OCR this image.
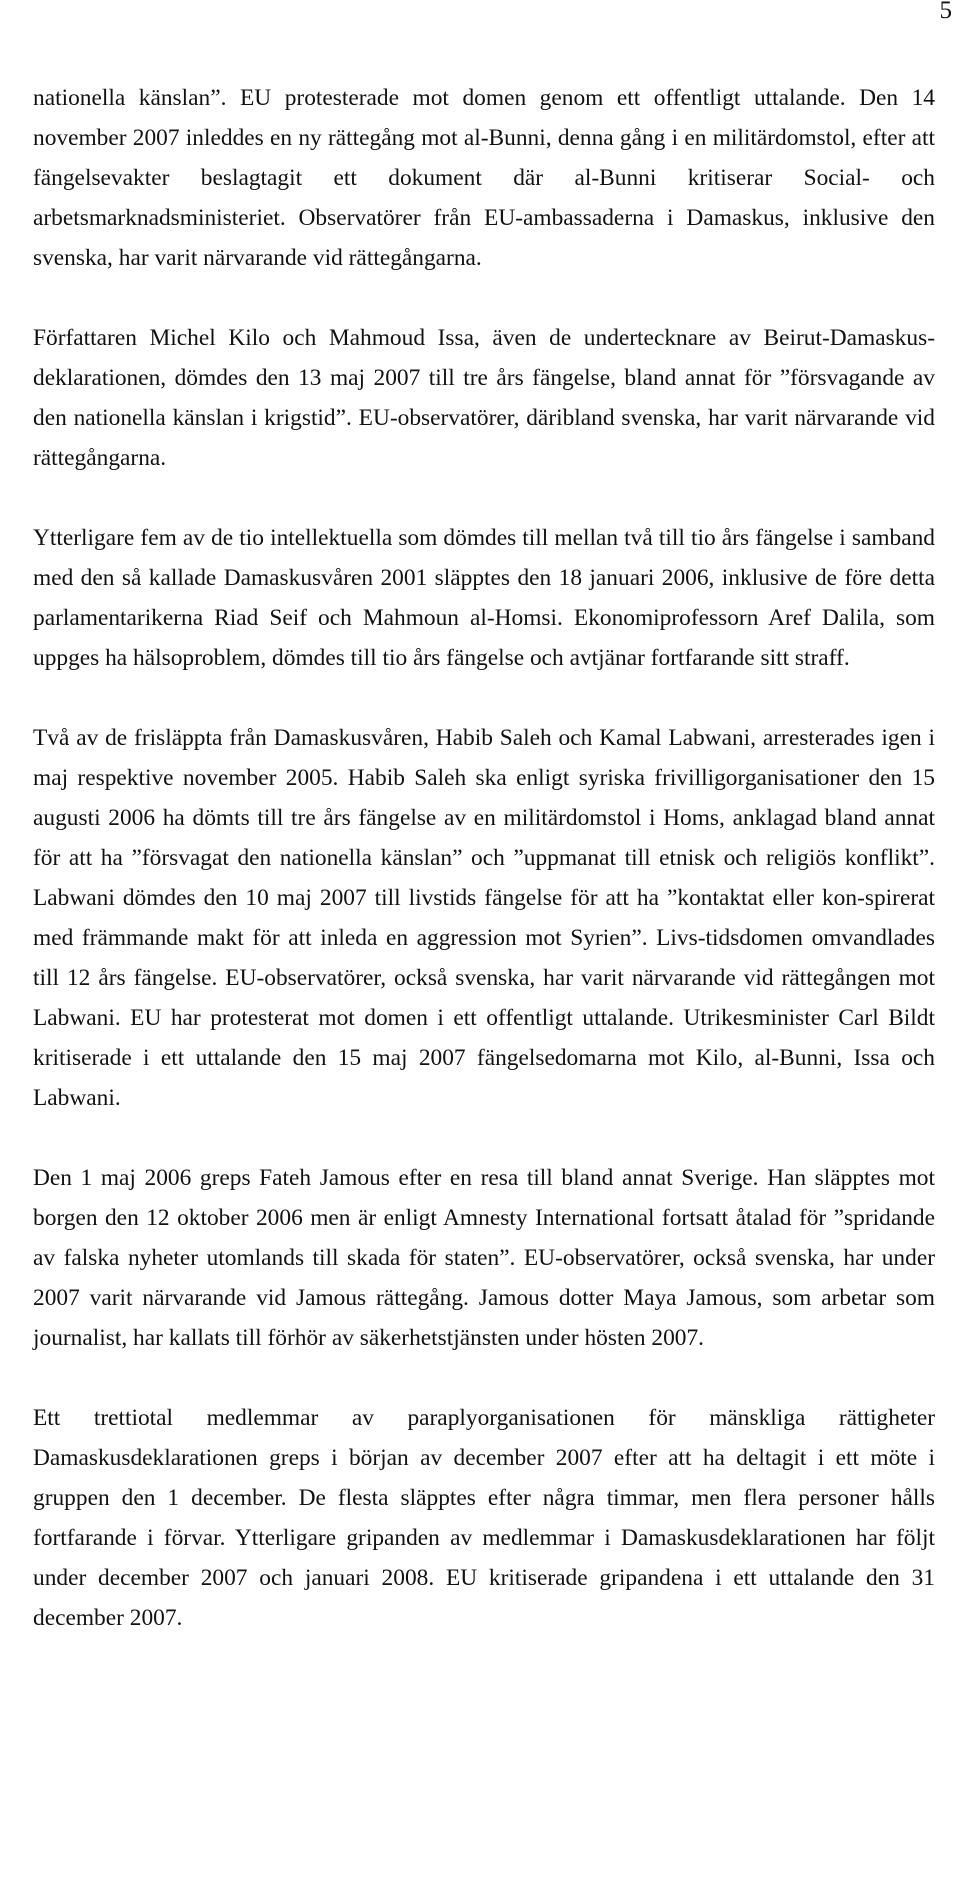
5

nationella känslan”. EU protesterade mot domen genom ett offentligt uttalande. Den 14 november 2007 inleddes en ny rättegång mot al-Bunni, denna gång i en militärdomstol, efter att fängelsevakter beslagtagit ett dokument där al-Bunni kritiserar Social- och arbetsmarknadsministeriet. Observatörer från EU-ambassaderna i Damaskus, inklusive den svenska, har varit närvarande vid rättegångarna.

Författaren Michel Kilo och Mahmoud Issa, även de undertecknare av Beirut-Damaskus-deklarationen, dömdes den 13 maj 2007 till tre års fängelse, bland annat för ”försvagande av den nationella känslan i krigstid”. EU-observatörer, däribland svenska, har varit närvarande vid rättegångarna.

Ytterligare fem av de tio intellektuella som dömdes till mellan två till tio års fängelse i samband med den så kallade Damaskusvåren 2001 släpptes den 18 januari 2006, inklusive de före detta parlamentarikerna Riad Seif och Mahmoun al-Homsi. Ekonomiprofessorn Aref Dalila, som uppges ha hälsoproblem, dömdes till tio års fängelse och avtjänar fortfarande sitt straff.

Två av de frisläppta från Damaskusvåren, Habib Saleh och Kamal Labwani, arresterades igen i maj respektive november 2005. Habib Saleh ska enligt syriska frivilligorganisationer den 15 augusti 2006 ha dömts till tre års fängelse av en militärdomstol i Homs, anklagad bland annat för att ha ”försvagat den nationella känslan” och ”uppmanat till etnisk och religiös konflikt”. Labwani dömdes den 10 maj 2007 till livstids fängelse för att ha ”kontaktat eller kon-spirerat med främmande makt för att inleda en aggression mot Syrien”. Livs-tidsdomen omvandlades till 12 års fängelse. EU-observatörer, också svenska, har varit närvarande vid rättegången mot Labwani. EU har protesterat mot domen i ett offentligt uttalande. Utrikesminister Carl Bildt kritiserade i ett uttalande den 15 maj 2007 fängelsedomarna mot Kilo, al-Bunni, Issa och Labwani.

Den 1 maj 2006 greps Fateh Jamous efter en resa till bland annat Sverige. Han släpptes mot borgen den 12 oktober 2006 men är enligt Amnesty International fortsatt åtalad för ”spridande av falska nyheter utomlands till skada för staten”. EU-observatörer, också svenska, har under 2007 varit närvarande vid Jamous rättegång. Jamous dotter Maya Jamous, som arbetar som journalist, har kallats till förhör av säkerhetstjänsten under hösten 2007.

Ett trettiotal medlemmar av paraplyorganisationen för mänskliga rättigheter Damaskusdeklarationen greps i början av december 2007 efter att ha deltagit i ett möte i gruppen den 1 december. De flesta släpptes efter några timmar, men flera personer hålls fortfarande i förvar. Ytterligare gripanden av medlemmar i Damaskusdeklarationen har följt under december 2007 och januari 2008. EU kritiserade gripandena i ett uttalande den 31 december 2007.
